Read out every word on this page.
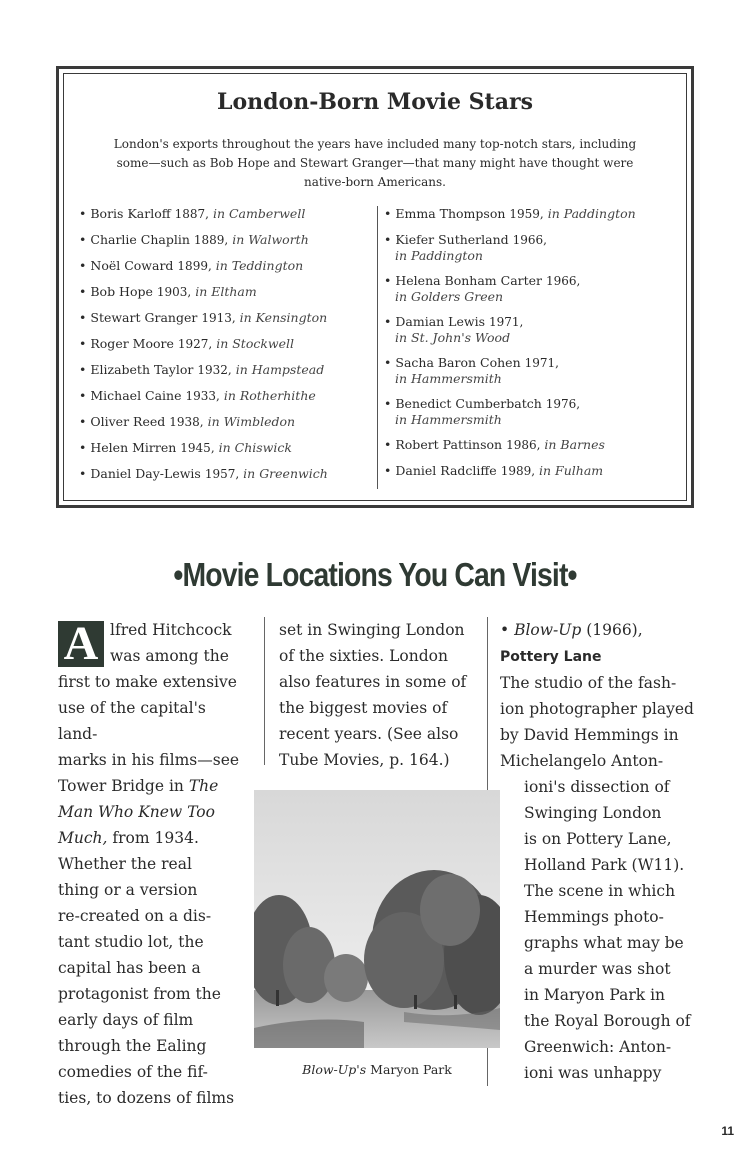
London-Born Movie Stars
London's exports throughout the years have included many top-notch stars, including some—such as Bob Hope and Stewart Granger—that many might have thought were native-born Americans.
• Boris Karloff 1887, in Camberwell
• Charlie Chaplin 1889, in Walworth
• Noël Coward 1899, in Teddington
• Bob Hope 1903, in Eltham
• Stewart Granger 1913, in Kensington
• Roger Moore 1927, in Stockwell
• Elizabeth Taylor 1932, in Hampstead
• Michael Caine 1933, in Rotherhithe
• Oliver Reed 1938, in Wimbledon
• Helen Mirren 1945, in Chiswick
• Daniel Day-Lewis 1957, in Greenwich
• Emma Thompson 1959, in Paddington
• Kiefer Sutherland 1966,
in Paddington
• Helena Bonham Carter 1966,
in Golders Green
• Damian Lewis 1971,
in St. John's Wood
• Sacha Baron Cohen 1971,
in Hammersmith
• Benedict Cumberbatch 1976,
in Hammersmith
• Robert Pattinson 1986, in Barnes
• Daniel Radcliffe 1989, in Fulham
•Movie Locations You Can Visit•
A lfred Hitchcock
was among the
first to make extensive
use of the capital's land-
marks in his films—see
Tower Bridge in The
Man Who Knew Too
Much, from 1934.
Whether the real
thing or a version
re-created on a dis-
tant studio lot, the
capital has been a
protagonist from the
early days of film
through the Ealing
comedies of the fif-
ties, to dozens of films
set in Swinging London
of the sixties. London
also features in some of
the biggest movies of
recent years. (See also
Tube Movies, p. 164.)
• Blow-Up (1966),
Pottery Lane
The studio of the fash-
ion photographer played
by David Hemmings in
Michelangelo Anton-

ioni's dissection of
Swinging London
is on Pottery Lane,
Holland Park (W11).
The scene in which
Hemmings photo-
graphs what may be
a murder was shot
in Maryon Park in
the Royal Borough of
Greenwich: Anton-
ioni was unhappy
Blow-Up's Maryon Park
11
